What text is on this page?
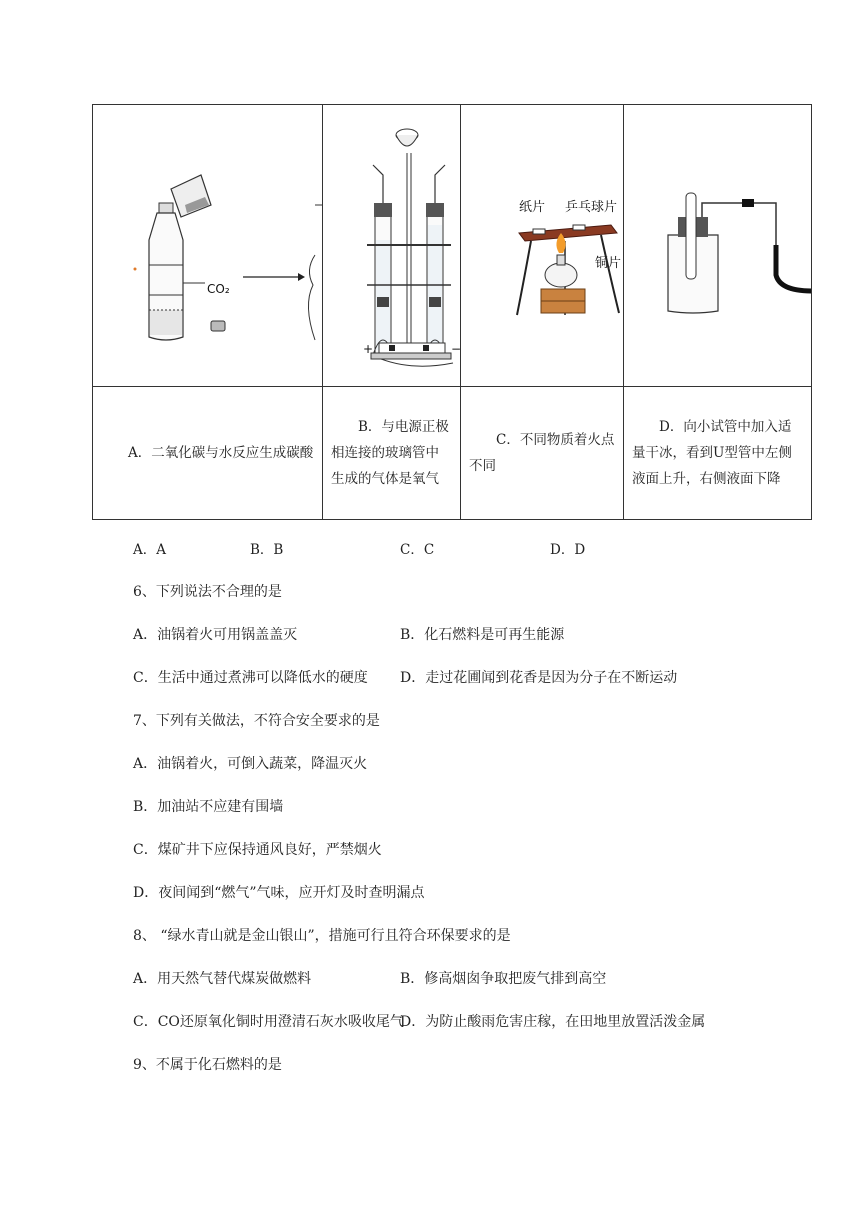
CO₂	+ −	纸片 乒乓球片
铜片

A．二氧化碳与水反应生成碳酸	B．与电源正极相连接的玻璃管中生成的气体是氧气	C．不同物质着火点不同	D．向小试管中加入适量干冰，看到U型管中左侧液面上升，右侧液面下降
A．A	B．B	C．C	D．D
6、下列说法不合理的是
A．油锅着火可用锅盖盖灭	B．化石燃料是可再生能源
C．生活中通过煮沸可以降低水的硬度 D．走过花圃闻到花香是因为分子在不断运动
7、下列有关做法，不符合安全要求的是
A．油锅着火，可倒入蔬菜，降温灭火
B．加油站不应建有围墙
C．煤矿井下应保持通风良好，严禁烟火
D．夜间闻到“燃气”气味，应开灯及时查明漏点
8、 “绿水青山就是金山银山”，措施可行且符合环保要求的是
A．用天然气替代煤炭做燃料	B．修高烟囱争取把废气排到高空
C．CO还原氧化铜时用澄清石灰水吸收尾气
D．为防止酸雨危害庄稼，在田地里放置活泼金属
9、不属于化石燃料的是
